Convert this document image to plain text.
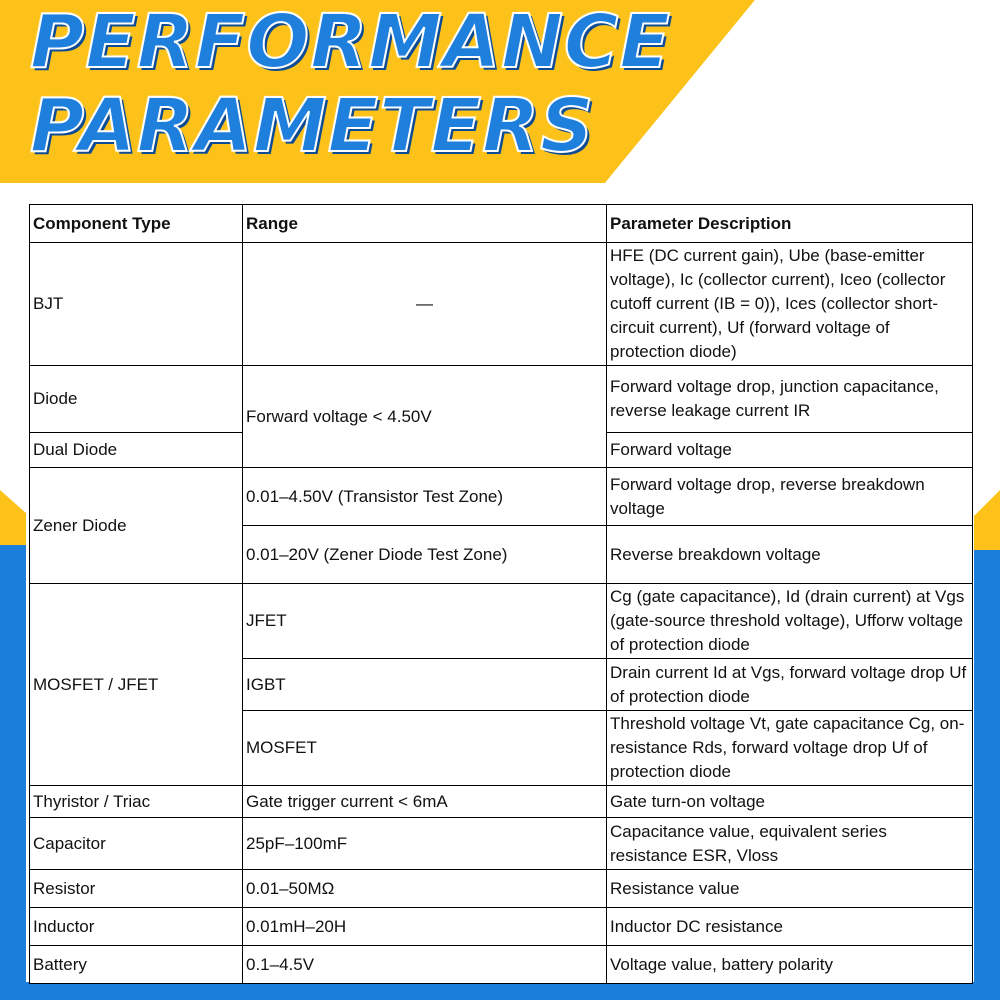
PERFORMANCE
PARAMETERS
Component Type	Range	Parameter Description
BJT	—	HFE (DC current gain), Ube (base-emitter voltage), Ic (collector current), Iceo (collector cutoff current (IB = 0)), Ices (collector short-circuit current), Uf (forward voltage of protection diode)
Diode	Forward voltage < 4.50V	Forward voltage drop, junction capacitance, reverse leakage current IR
Dual Diode		Forward voltage
Zener Diode	0.01–4.50V (Transistor Test Zone)	Forward voltage drop, reverse breakdown voltage
	0.01–20V (Zener Diode Test Zone)	Reverse breakdown voltage
MOSFET / JFET	JFET	Cg (gate capacitance), Id (drain current) at Vgs (gate-source threshold voltage), Ufforw voltage of protection diode
	IGBT	Drain current Id at Vgs, forward voltage drop Uf of protection diode
	MOSFET	Threshold voltage Vt, gate capacitance Cg, on-resistance Rds, forward voltage drop Uf of protection diode
Thyristor / Triac	Gate trigger current < 6mA	Gate turn-on voltage
Capacitor	25pF–100mF	Capacitance value, equivalent series resistance ESR, Vloss
Resistor	0.01–50MΩ	Resistance value
Inductor	0.01mH–20H	Inductor DC resistance
Battery	0.1–4.5V	Voltage value, battery polarity
